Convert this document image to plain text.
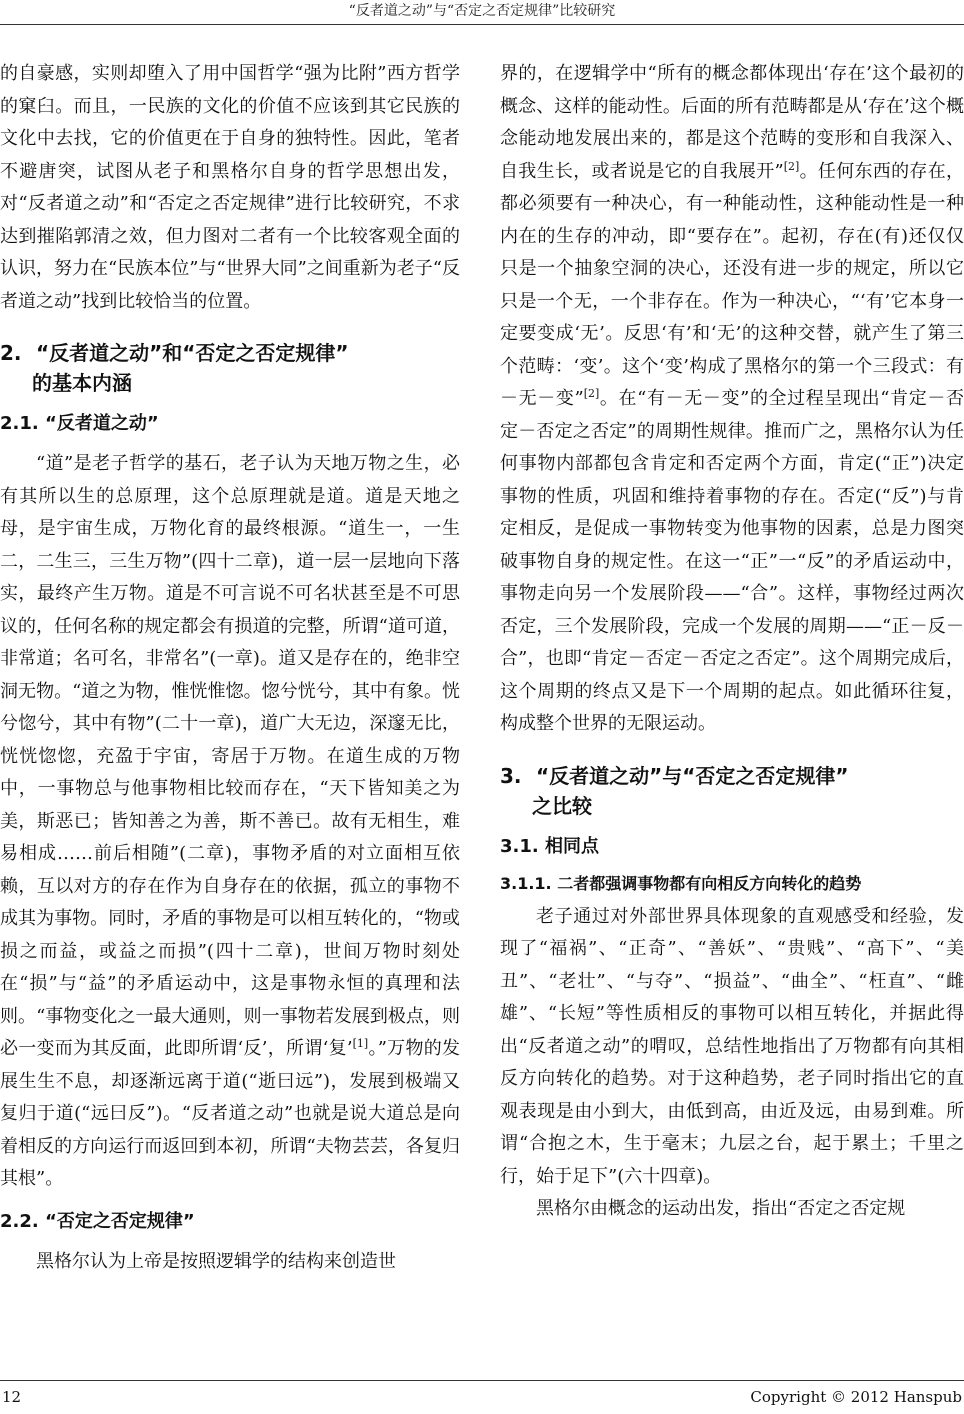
“反者道之动”与“否定之否定规律”比较研究

的自豪感，实则却堕入了用中国哲学“强为比附”西方哲学的窠臼。而且，一民族的文化的价值不应该到其它民族的文化中去找，它的价值更在于自身的独特性。因此，笔者不避唐突，试图从老子和黑格尔自身的哲学思想出发，对“反者道之动”和“否定之否定规律”进行比较研究，不求达到摧陷郭清之效，但力图对二者有一个比较客观全面的认识，努力在“民族本位”与“世界大同”之间重新为老子“反者道之动”找到比较恰当的位置。

2. “反者道之动”和“否定之否定规律”
的基本内涵
2.1. “反者道之动”

“道”是老子哲学的基石，老子认为天地万物之生，必有其所以生的总原理，这个总原理就是道。道是天地之母，是宇宙生成，万物化育的最终根源。“道生一，一生二，二生三，三生万物”(四十二章)，道一层一层地向下落实，最终产生万物。道是不可言说不可名状甚至是不可思议的，任何名称的规定都会有损道的完整，所谓“道可道，非常道；名可名，非常名”(一章)。道又是存在的，绝非空洞无物。“道之为物，惟恍惟惚。惚兮恍兮，其中有象。恍兮惚兮，其中有物”(二十一章)，道广大无边，深邃无比，恍恍惚惚，充盈于宇宙，寄居于万物。在道生成的万物中，一事物总与他事物相比较而存在，“天下皆知美之为美，斯恶已；皆知善之为善，斯不善已。故有无相生，难易相成……前后相随”(二章)，事物矛盾的对立面相互依赖，互以对方的存在作为自身存在的依据，孤立的事物不成其为事物。同时，矛盾的事物是可以相互转化的，“物或损之而益，或益之而损”(四十二章)，世间万物时刻处在“损”与“益”的矛盾运动中，这是事物永恒的真理和法则。“事物变化之一最大通则，则一事物若发展到极点，则必一变而为其反面，此即所谓‘反’，所谓‘复’[1]。”万物的发展生生不息，却逐渐远离于道(“逝曰远”)，发展到极端又复归于道(“远曰反”)。“反者道之动”也就是说大道总是向着相反的方向运行而返回到本初，所谓“夫物芸芸，各复归其根”。

2.2. “否定之否定规律”

黑格尔认为上帝是按照逻辑学的结构来创造世

界的，在逻辑学中“所有的概念都体现出‘存在’这个最初的概念、这样的能动性。后面的所有范畴都是从‘存在’这个概念能动地发展出来的，都是这个范畴的变形和自我深入、自我生长，或者说是它的自我展开”[2]。任何东西的存在，都必须要有一种决心，有一种能动性，这种能动性是一种内在的生存的冲动，即“要存在”。起初，存在(有)还仅仅只是一个抽象空洞的决心，还没有进一步的规定，所以它只是一个无，一个非存在。作为一种决心，“‘有’它本身一定要变成‘无’。反思‘有’和‘无’的这种交替，就产生了第三个范畴：‘变’。这个‘变’构成了黑格尔的第一个三段式：有－无－变”[2]。在“有－无－变”的全过程呈现出“肯定－否定－否定之否定”的周期性规律。推而广之，黑格尔认为任何事物内部都包含肯定和否定两个方面，肯定(“正”)决定事物的性质，巩固和维持着事物的存在。否定(“反”)与肯定相反，是促成一事物转变为他事物的因素，总是力图突破事物自身的规定性。在这一“正”一“反”的矛盾运动中，事物走向另一个发展阶段——“合”。这样，事物经过两次否定，三个发展阶段，完成一个发展的周期——“正－反－合”，也即“肯定－否定－否定之否定”。这个周期完成后，这个周期的终点又是下一个周期的起点。如此循环往复，构成整个世界的无限运动。

3. “反者道之动”与“否定之否定规律”
之比较
3.1. 相同点
3.1.1. 二者都强调事物都有向相反方向转化的趋势

老子通过对外部世界具体现象的直观感受和经验，发现了“福祸”、“正奇”、“善妖”、“贵贱”、“高下”、“美丑”、“老壮”、“与夺”、“损益”、“曲全”、“枉直”、“雌雄”、“长短”等性质相反的事物可以相互转化，并据此得出“反者道之动”的喟叹，总结性地指出了万物都有向其相反方向转化的趋势。对于这种趋势，老子同时指出它的直观表现是由小到大，由低到高，由近及远，由易到难。所谓“合抱之木，生于毫末；九层之台，起于累土；千里之行，始于足下”(六十四章)。

黑格尔由概念的运动出发，指出“否定之否定规

12	Copyright © 2012 Hanspub
